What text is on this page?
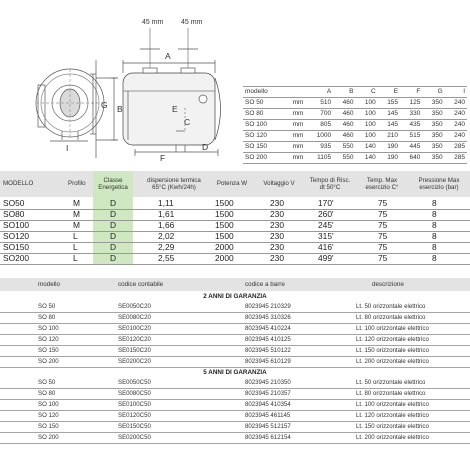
45 mm	45 mm
A
B
C
D
E
F
G
I
modello		A	B	C	E	F	G	I
SO 50	mm	510	460	100	155	125	350	240
SO 80	mm	700	460	100	145	330	350	240
SO 100	mm	805	460	100	145	435	350	240
SO 120	mm	1000	460	100	210	515	350	240
SO 150	mm	935	550	140	190	445	350	285
SO 200	mm	1105	550	140	190	640	350	285
MODELLO	Profilo
Classe
Energetica
dispersione termica
65°C (Kwh/24h)
Potenza W	Voltaggio V
Tempo di Risc.
dt 50°C
Temp. Max
esercizio C°
Pressione Max
esercizio (bar)
SO50	M	D	1,11	1500	230	170'	75	8
SO80	M	D	1,61	1500	230	260'	75	8
SO100	M	D	1,66	1500	230	245'	75	8
SO120	L	D	2,02	1500	230	315'	75	8
SO150	L	D	2,29	2000	230	416'	75	8
SO200	L	D	2,55	2000	230	499'	75	8
modello	codice contabile	codice a barre	descrizione
2 ANNI DI GARANZIA
SO 50	SE0050C20	8023945 210329	Lt. 50 orizzontale elettrico
SO 80	SE0080C20	8023945 310326	Lt. 80 orizzontale elettrico
SO 100	SE0100C20	8023945 410224	Lt. 100 orizzontale elettrico
SO 120	SE0120C20	8023945 410125	Lt. 120 orizzontale elettrico
SO 150	SE0150C20	8023945 510122	Lt. 150 orizzontale elettrico
SO 200	SE0200C20	8023945 610129	Lt. 200 orizzontale elettrico
5 ANNI DI GARANZIA
SO 50	SE0050C50	8023945 210350	Lt. 50 orizzontale elettrico
SO 80	SE0080C50	8023945 210357	Lt. 80 orizzontale elettrico
SO 100	SE0100C50	8023945 410354	Lt. 100 orizzontale elettrico
SO 120	SE0120C50	8023945 461145	Lt. 120 orizzontale elettrico
SO 150	SE0150C50	8023945 512157	Lt. 150 orizzontale elettrico
SO 200	SE0200C50	8023945 612154	Lt. 200 orizzontale elettrico
